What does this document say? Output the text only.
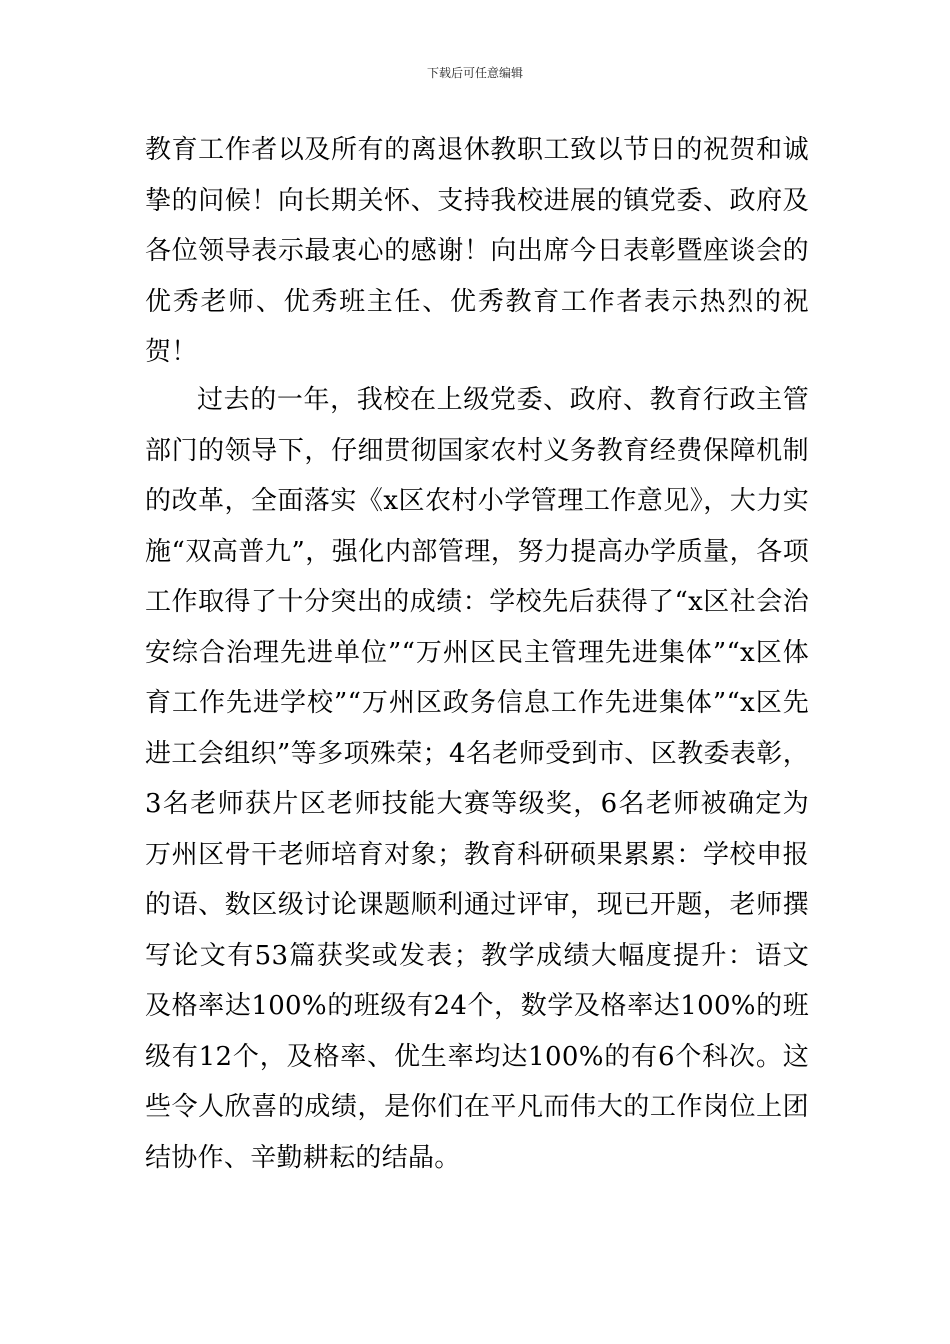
下载后可任意编辑

教育工作者以及所有的离退休教职工致以节日的祝贺和诚挚的问候！向长期关怀、支持我校进展的镇党委、政府及各位领导表示最衷心的感谢！向出席今日表彰暨座谈会的优秀老师、优秀班主任、优秀教育工作者表示热烈的祝贺！

过去的一年，我校在上级党委、政府、教育行政主管部门的领导下，仔细贯彻国家农村义务教育经费保障机制的改革，全面落实《x区农村小学管理工作意见》，大力实施“双高普九”，强化内部管理，努力提高办学质量，各项工作取得了十分突出的成绩：学校先后获得了“x区社会治安综合治理先进单位”“万州区民主管理先进集体”“x区体育工作先进学校”“万州区政务信息工作先进集体”“x区先进工会组织”等多项殊荣；4名老师受到市、区教委表彰，3名老师获片区老师技能大赛等级奖，6名老师被确定为万州区骨干老师培育对象；教育科研硕果累累：学校申报的语、数区级讨论课题顺利通过评审，现已开题，老师撰写论文有53篇获奖或发表；教学成绩大幅度提升：语文及格率达100%的班级有24个，数学及格率达100%的班级有12个，及格率、优生率均达100%的有6个科次。这些令人欣喜的成绩，是你们在平凡而伟大的工作岗位上团结协作、辛勤耕耘的结晶。
